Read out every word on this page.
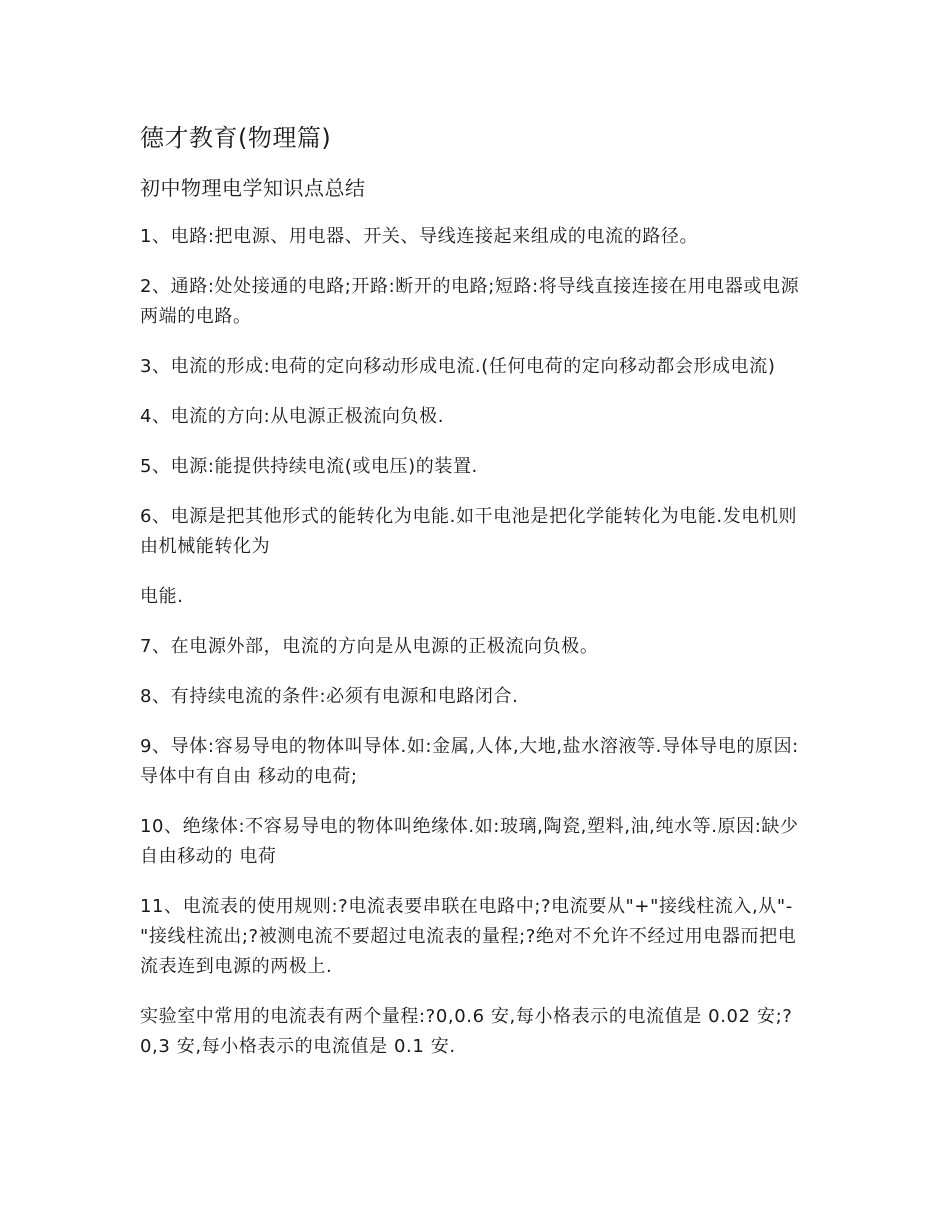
德才教育(物理篇)
初中物理电学知识点总结

1、电路:把电源、用电器、开关、导线连接起来组成的电流的路径。

2、通路:处处接通的电路;开路:断开的电路;短路:将导线直接连接在用电器或电源两端的电路。

3、电流的形成:电荷的定向移动形成电流.(任何电荷的定向移动都会形成电流)

4、电流的方向:从电源正极流向负极.

5、电源:能提供持续电流(或电压)的装置.

6、电源是把其他形式的能转化为电能.如干电池是把化学能转化为电能.发电机则由机械能转化为

电能.

7、在电源外部，电流的方向是从电源的正极流向负极。

8、有持续电流的条件:必须有电源和电路闭合.

9、导体:容易导电的物体叫导体.如:金属,人体,大地,盐水溶液等.导体导电的原因:导体中有自由 移动的电荷;

10、绝缘体:不容易导电的物体叫绝缘体.如:玻璃,陶瓷,塑料,油,纯水等.原因:缺少自由移动的 电荷

11、电流表的使用规则:?电流表要串联在电路中;?电流要从"+"接线柱流入,从"-"接线柱流出;?被测电流不要超过电流表的量程;?绝对不允许不经过用电器而把电流表连到电源的两极上.

实验室中常用的电流表有两个量程:?0,0.6 安,每小格表示的电流值是 0.02 安;?0,3 安,每小格表示的电流值是 0.1 安.
